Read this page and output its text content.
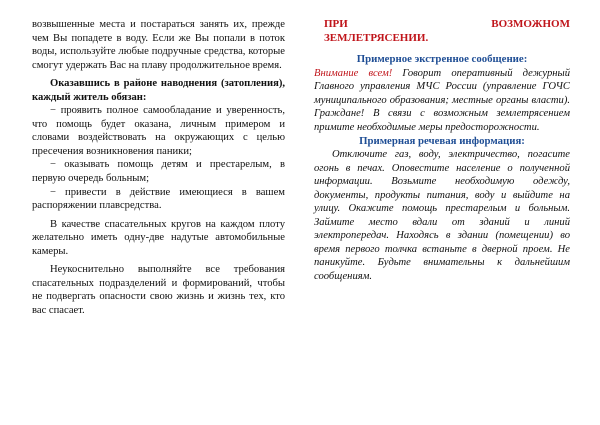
возвышенные места и постараться занять их, прежде чем Вы попадете в воду. Если же Вы попали в поток воды, используйте любые подручные средства, которые смогут удержать Вас на плаву продолжительное время.

Оказавшись в районе наводнения (затопления), каждый житель обязан:

− проявить полное самообладание и уверенность, что помощь будет оказана, личным примером и словами воздействовать на окружающих с целью пресечения возникновения паники;

− оказывать помощь детям и престарелым, в первую очередь больным;

− привести в действие имеющиеся в вашем распоряжении плавсредства.

В качестве спасательных кругов на каждом плоту желательно иметь одну-две надутые автомобильные камеры.

Неукоснительно выполняйте все требования спасательных подразделений и формирований, чтобы не подвергать опасности свою жизнь и жизнь тех, кто вас спасает.

ПРИ ВОЗМОЖНОМ
ЗЕМЛЕТРЯСЕНИИ.
Примерное экстренное сообщение:

Внимание всем! Говорит оперативный дежурный Главного управления МЧС России (управление ГОЧС муниципального образования; местные органы власти). Граждане! В связи с возможным землетрясением примите необходимые меры предосторожности.

Примерная речевая информация:

Отключите газ, воду, электричество, погасите огонь в печах. Оповестите население о полученной информации. Возьмите необходимую одежду, документы, продукты питания, воду и выйдите на улицу. Окажите помощь престарелым и больным. Займите место вдали от зданий и линий электропередач. Находясь в здании (помещении) во время первого толчка встаньте в дверной проем. Не паникуйте. Будьте внимательны к дальнейшим сообщениям.
